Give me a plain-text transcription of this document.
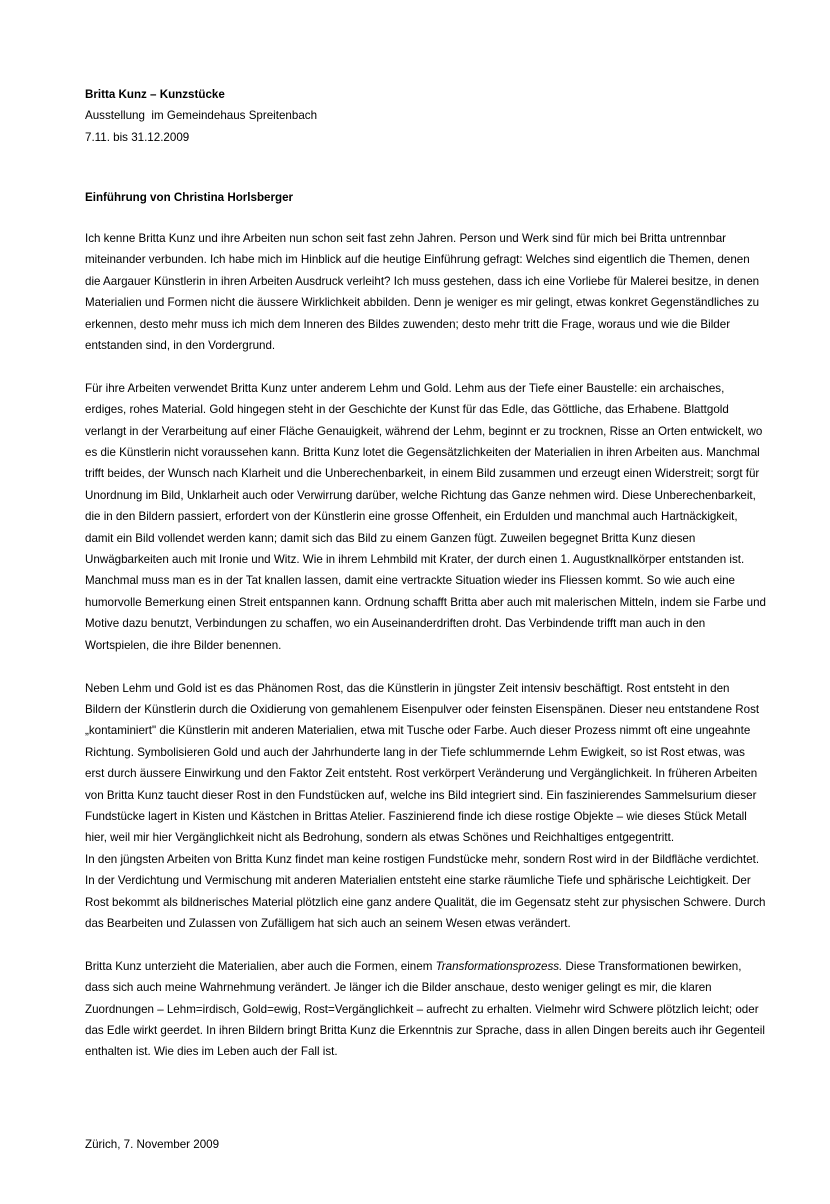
Britta Kunz – Kunzstücke

Ausstellung  im Gemeindehaus Spreitenbach

7.11. bis 31.12.2009

Einführung von Christina Horlsberger

Ich kenne Britta Kunz und ihre Arbeiten nun schon seit fast zehn Jahren. Person und Werk sind für mich bei Britta untrennbar miteinander verbunden. Ich habe mich im Hinblick auf die heutige Einführung gefragt: Welches sind eigentlich die Themen, denen die Aargauer Künstlerin in ihren Arbeiten Ausdruck verleiht? Ich muss gestehen, dass ich eine Vorliebe für Malerei besitze, in denen Materialien und Formen nicht die äussere Wirklichkeit abbilden. Denn je weniger es mir gelingt, etwas konkret Gegenständliches zu erkennen, desto mehr muss ich mich dem Inneren des Bildes zuwenden; desto mehr tritt die Frage, woraus und wie die Bilder entstanden sind, in den Vordergrund.

Für ihre Arbeiten verwendet Britta Kunz unter anderem Lehm und Gold. Lehm aus der Tiefe einer Baustelle: ein archaisches, erdiges, rohes Material. Gold hingegen steht in der Geschichte der Kunst für das Edle, das Göttliche, das Erhabene. Blattgold verlangt in der Verarbeitung auf einer Fläche Genauigkeit, während der Lehm, beginnt er zu trocknen, Risse an Orten entwickelt, wo es die Künstlerin nicht voraussehen kann. Britta Kunz lotet die Gegensätzlichkeiten der Materialien in ihren Arbeiten aus. Manchmal trifft beides, der Wunsch nach Klarheit und die Unberechenbarkeit, in einem Bild zusammen und erzeugt einen Widerstreit; sorgt für Unordnung im Bild, Unklarheit auch oder Verwirrung darüber, welche Richtung das Ganze nehmen wird. Diese Unberechenbarkeit, die in den Bildern passiert, erfordert von der Künstlerin eine grosse Offenheit, ein Erdulden und manchmal auch Hartnäckigkeit, damit ein Bild vollendet werden kann; damit sich das Bild zu einem Ganzen fügt. Zuweilen begegnet Britta Kunz diesen Unwägbarkeiten auch mit Ironie und Witz. Wie in ihrem Lehmbild mit Krater, der durch einen 1. Augustknallkörper entstanden ist. Manchmal muss man es in der Tat knallen lassen, damit eine vertrackte Situation wieder ins Fliessen kommt. So wie auch eine humorvolle Bemerkung einen Streit entspannen kann. Ordnung schafft Britta aber auch mit malerischen Mitteln, indem sie Farbe und Motive dazu benutzt, Verbindungen zu schaffen, wo ein Auseinanderdriften droht. Das Verbindende trifft man auch in den Wortspielen, die ihre Bilder benennen.

Neben Lehm und Gold ist es das Phänomen Rost, das die Künstlerin in jüngster Zeit intensiv beschäftigt. Rost entsteht in den Bildern der Künstlerin durch die Oxidierung von gemahlenem Eisenpulver oder feinsten Eisenspänen. Dieser neu entstandene Rost „kontaminiert" die Künstlerin mit anderen Materialien, etwa mit Tusche oder Farbe. Auch dieser Prozess nimmt oft eine ungeahnte Richtung. Symbolisieren Gold und auch der Jahrhunderte lang in der Tiefe schlummernde Lehm Ewigkeit, so ist Rost etwas, was erst durch äussere Einwirkung und den Faktor Zeit entsteht. Rost verkörpert Veränderung und Vergänglichkeit. In früheren Arbeiten von Britta Kunz taucht dieser Rost in den Fundstücken auf, welche ins Bild integriert sind. Ein faszinierendes Sammelsurium dieser Fundstücke lagert in Kisten und Kästchen in Brittas Atelier. Faszinierend finde ich diese rostige Objekte – wie dieses Stück Metall hier, weil mir hier Vergänglichkeit nicht als Bedrohung, sondern als etwas Schönes und Reichhaltiges entgegentritt.

In den jüngsten Arbeiten von Britta Kunz findet man keine rostigen Fundstücke mehr, sondern Rost wird in der Bildfläche verdichtet. In der Verdichtung und Vermischung mit anderen Materialien entsteht eine starke räumliche Tiefe und sphärische Leichtigkeit. Der Rost bekommt als bildnerisches Material plötzlich eine ganz andere Qualität, die im Gegensatz steht zur physischen Schwere. Durch das Bearbeiten und Zulassen von Zufälligem hat sich auch an seinem Wesen etwas verändert.

Britta Kunz unterzieht die Materialien, aber auch die Formen, einem Transformationsprozess. Diese Transformationen bewirken, dass sich auch meine Wahrnehmung verändert. Je länger ich die Bilder anschaue, desto weniger gelingt es mir, die klaren Zuordnungen – Lehm=irdisch, Gold=ewig, Rost=Vergänglichkeit – aufrecht zu erhalten. Vielmehr wird Schwere plötzlich leicht; oder das Edle wirkt geerdet. In ihren Bildern bringt Britta Kunz die Erkenntnis zur Sprache, dass in allen Dingen bereits auch ihr Gegenteil enthalten ist. Wie dies im Leben auch der Fall ist.

Zürich, 7. November 2009
